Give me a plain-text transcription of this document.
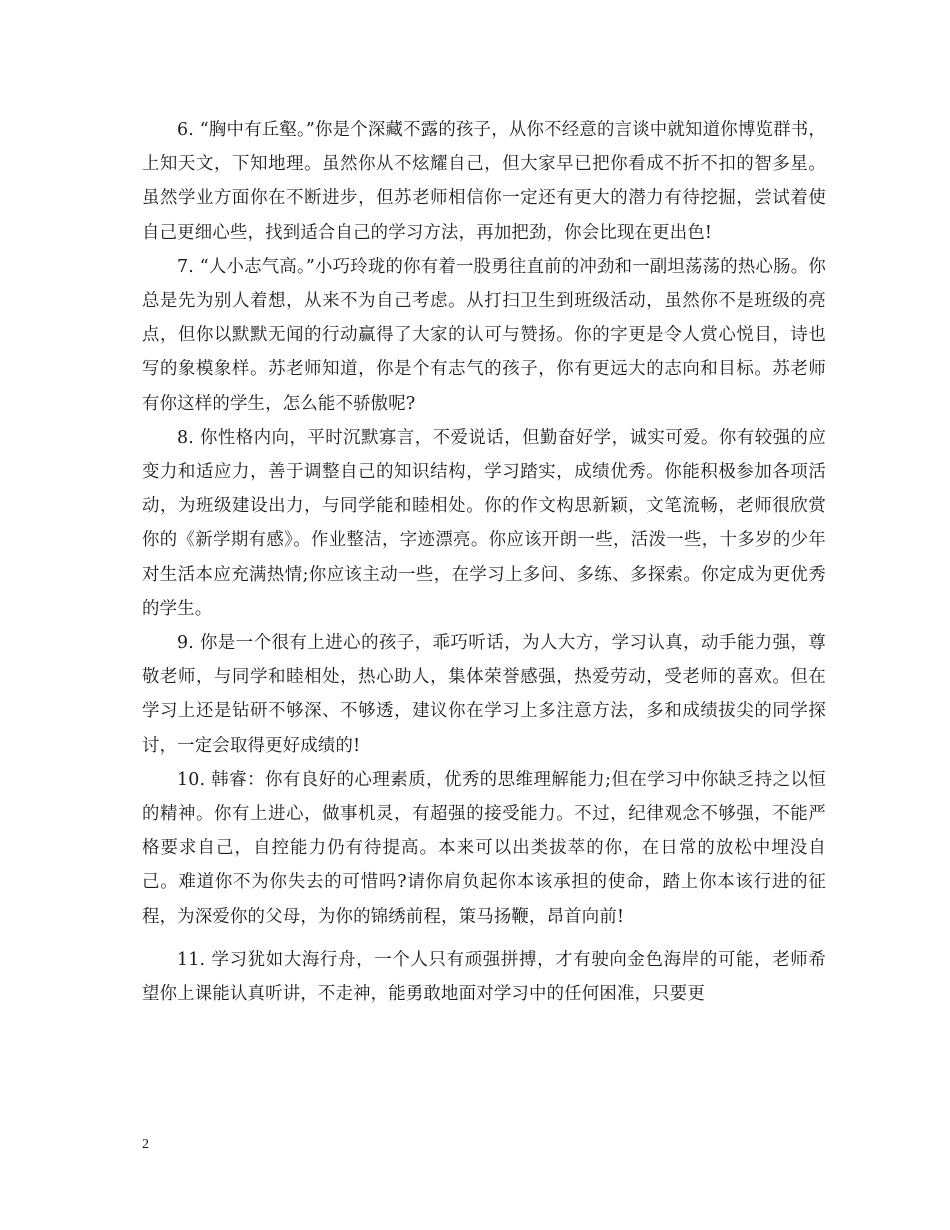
6. “胸中有丘壑。”你是个深藏不露的孩子，从你不经意的言谈中就知道你博览群书，上知天文，下知地理。虽然你从不炫耀自己，但大家早已把你看成不折不扣的智多星。虽然学业方面你在不断进步，但苏老师相信你一定还有更大的潜力有待挖掘，尝试着使自己更细心些，找到适合自己的学习方法，再加把劲，你会比现在更出色!

7. “人小志气高。”小巧玲珑的你有着一股勇往直前的冲劲和一副坦荡荡的热心肠。你总是先为别人着想，从来不为自己考虑。从打扫卫生到班级活动，虽然你不是班级的亮点，但你以默默无闻的行动赢得了大家的认可与赞扬。你的字更是令人赏心悦目，诗也写的象模象样。苏老师知道，你是个有志气的孩子，你有更远大的志向和目标。苏老师有你这样的学生，怎么能不骄傲呢?

8. 你性格内向，平时沉默寡言，不爱说话，但勤奋好学，诚实可爱。你有较强的应变力和适应力，善于调整自己的知识结构，学习踏实，成绩优秀。你能积极参加各项活动，为班级建设出力，与同学能和睦相处。你的作文构思新颖，文笔流畅，老师很欣赏你的《新学期有感》。作业整洁，字迹漂亮。你应该开朗一些，活泼一些，十多岁的少年对生活本应充满热情;你应该主动一些，在学习上多问、多练、多探索。你定成为更优秀的学生。

9. 你是一个很有上进心的孩子，乖巧听话，为人大方，学习认真，动手能力强，尊敬老师，与同学和睦相处，热心助人，集体荣誉感强，热爱劳动，受老师的喜欢。但在学习上还是钻研不够深、不够透，建议你在学习上多注意方法，多和成绩拔尖的同学探讨，一定会取得更好成绩的!

10. 韩睿：你有良好的心理素质，优秀的思维理解能力;但在学习中你缺乏持之以恒的精神。你有上进心，做事机灵，有超强的接受能力。不过，纪律观念不够强，不能严格要求自己，自控能力仍有待提高。本来可以出类拔萃的你，在日常的放松中埋没自己。难道你不为你失去的可惜吗?请你肩负起你本该承担的使命，踏上你本该行进的征程，为深爱你的父母，为你的锦绣前程，策马扬鞭，昂首向前!

11. 学习犹如大海行舟，一个人只有顽强拼搏，才有驶向金色海岸的可能，老师希望你上课能认真听讲，不走神，能勇敢地面对学习中的任何困准，只要更

2
